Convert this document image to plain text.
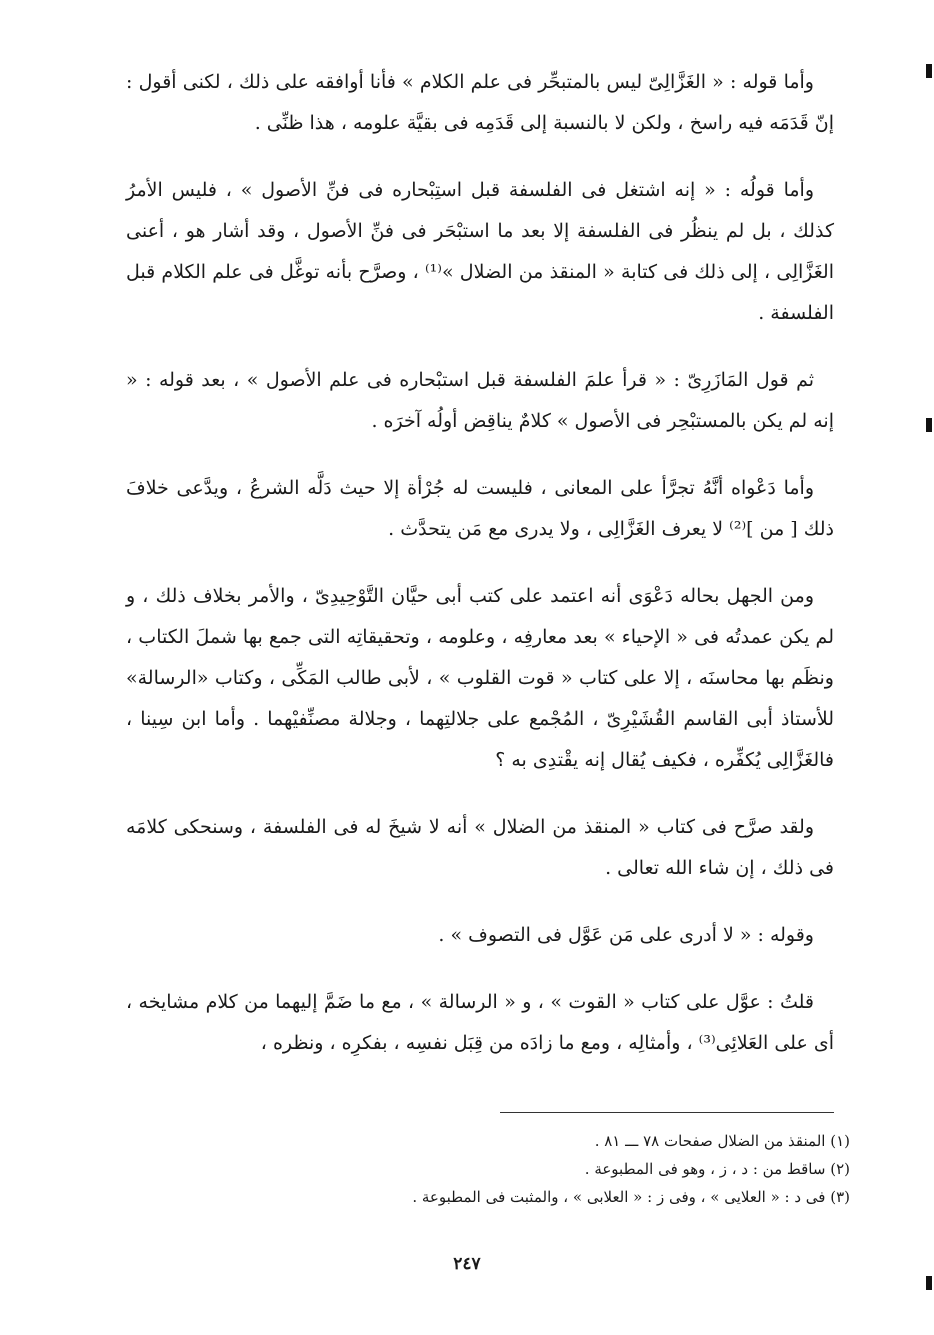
وأما قوله : « الغَزَّالِىّ ليس بالمتبحِّر فى علم الكلام » فأنا أوافقه على ذلك ، لكنى أقول : إنّ قَدَمَه فيه راسخ ، ولكن لا بالنسبة إلى قَدَمِه فى بقيَّة علومه ، هذا ظنِّى .

وأما قولُه : « إنه اشتغل فى الفلسفة قبل استِبْحاره فى فنِّ الأصول » ، فليس الأمرُ كذلك ، بل لم ينظُر فى الفلسفة إلا بعد ما استبْحَر فى فنِّ الأصول ، وقد أشار هو ، أعنى الغَزَّالِى ، إلى ذلك فى كتابة « المنقذ من الضلال »⁽¹⁾ ، وصرَّح بأنه توغَّل فى علم الكلام قبل الفلسفة .

ثم قول المَازَرِىّ : « قرأ علمَ الفلسفة قبل استبْحاره فى علم الأصول » ، بعد قوله : « إنه لم يكن بالمستبْحِر فى الأصول » كلامٌ يناقِض أولُه آخرَه .

وأما دَعْواه أنَّهُ تجرَّأ على المعانى ، فليست له جُرْأة إلا حيث دَلَّه الشرعُ ، ويدَّعى خلافَ ذلك [ من ]⁽²⁾ لا يعرف الغَزَّالِى ، ولا يدرى مع مَن يتحدَّث .

ومن الجهل بحاله دَعْوَى أنه اعتمد على كتب أبى حيَّان التَّوْحِيدِىّ ، والأمر بخلاف ذلك ، و لم يكن عمدتُه فى « الإحياء » بعد معارفِه ، وعلومه ، وتحقيقاتِه التى جمع بها شملَ الكتاب ، ونظَم بها محاسنَه ، إلا على كتاب « قوت القلوب » ، لأبى طالب المَكِّى ، وكتاب «الرسالة» للأستاذ أبى القاسم القُشَيْرِىّ ، المُجْمع على جلالتِهما ، وجلالة مصنِّفيْهما . وأما ابن سِينا ، فالغَزَّالِى يُكفِّره ، فكيف يُقال إنه يقْتدِى به ؟

ولقد صرَّح فى كتاب « المنقذ من الضلال » أنه لا شيخَ له فى الفلسفة ، وسنحكى كلامَه فى ذلك ، إن شاء الله تعالى .

وقوله : « لا أدرى على مَن عَوَّل فى التصوف » .

قلتُ : عوَّل على كتاب « القوت » ، و « الرسالة » ، مع ما ضَمَّ إليهما من كلام مشايخه ، أى على العَلائِى⁽³⁾ ، وأمثالِه ، ومع ما زادَه من قِبَل نفسِه ، بفكرِه ، ونظره ،

(١) المنقذ من الضلال صفحات ٧٨ ـــ ٨١ .

(٢) ساقط من : د ، ز ، وهو فى المطبوعة .

(٣) فى د : « العلايى » ، وفى ز : « العلابى » ، والمثبت فى المطبوعة .

٢٤٧
